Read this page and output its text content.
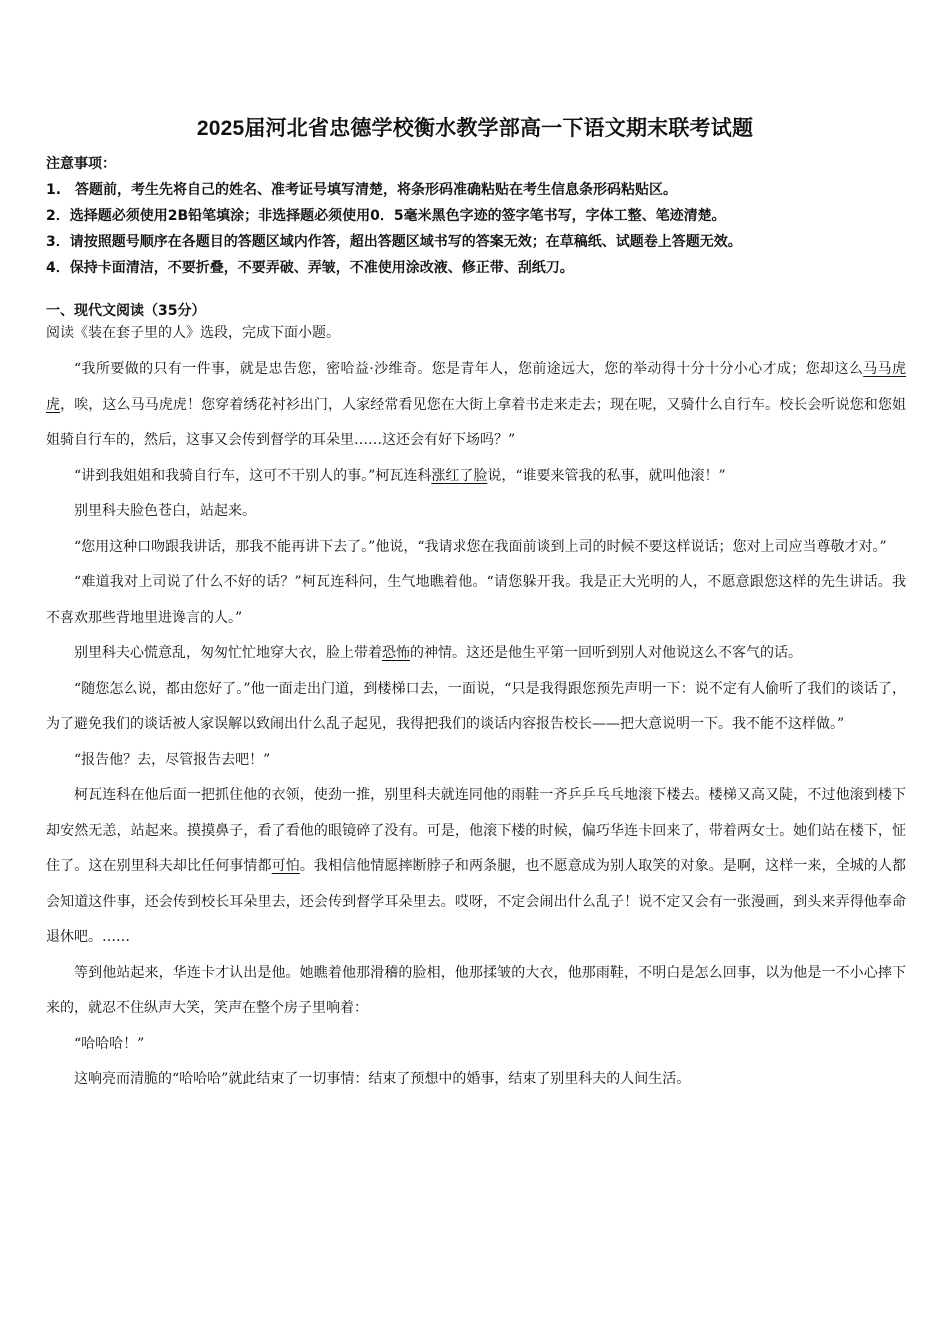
2025届河北省忠德学校衡水教学部高一下语文期末联考试题
注意事项：
1.　答题前，考生先将自己的姓名、准考证号填写清楚，将条形码准确粘贴在考生信息条形码粘贴区。
2．选择题必须使用2B铅笔填涂；非选择题必须使用0．5毫米黑色字迹的签字笔书写，字体工整、笔迹清楚。
3．请按照题号顺序在各题目的答题区域内作答，超出答题区域书写的答案无效；在草稿纸、试题卷上答题无效。
4．保持卡面清洁，不要折叠，不要弄破、弄皱，不准使用涂改液、修正带、刮纸刀。
一、现代文阅读（35分）
阅读《装在套子里的人》选段，完成下面小题。

“我所要做的只有一件事，就是忠告您，密哈益·沙维奇。您是青年人，您前途远大，您的举动得十分十分小心才成；您却这么马马虎虎，唉，这么马马虎虎！您穿着绣花衬衫出门，人家经常看见您在大街上拿着书走来走去；现在呢，又骑什么自行车。校长会听说您和您姐姐骑自行车的，然后，这事又会传到督学的耳朵里……这还会有好下场吗？”

“讲到我姐姐和我骑自行车，这可不干别人的事。”柯瓦连科涨红了脸说，“谁要来管我的私事，就叫他滚！”

别里科夫脸色苍白，站起来。

“您用这种口吻跟我讲话，那我不能再讲下去了。”他说，“我请求您在我面前谈到上司的时候不要这样说话；您对上司应当尊敬才对。”

“难道我对上司说了什么不好的话？”柯瓦连科问，生气地瞧着他。“请您躲开我。我是正大光明的人，不愿意跟您这样的先生讲话。我不喜欢那些背地里进谗言的人。”

别里科夫心慌意乱，匆匆忙忙地穿大衣，脸上带着恐怖的神情。这还是他生平第一回听到别人对他说这么不客气的话。

“随您怎么说，都由您好了。”他一面走出门道，到楼梯口去，一面说，“只是我得跟您预先声明一下：说不定有人偷听了我们的谈话了，为了避免我们的谈话被人家误解以致闹出什么乱子起见，我得把我们的谈话内容报告校长——把大意说明一下。我不能不这样做。”

“报告他？去，尽管报告去吧！”

柯瓦连科在他后面一把抓住他的衣领，使劲一推，别里科夫就连同他的雨鞋一齐乒乒乓乓地滚下楼去。楼梯又高又陡，不过他滚到楼下却安然无恙，站起来。摸摸鼻子，看了看他的眼镜碎了没有。可是，他滚下楼的时候，偏巧华连卡回来了，带着两女士。她们站在楼下，怔住了。这在别里科夫却比任何事情都可怕。我相信他情愿摔断脖子和两条腿，也不愿意成为别人取笑的对象。是啊，这样一来，全城的人都会知道这件事，还会传到校长耳朵里去，还会传到督学耳朵里去。哎呀，不定会闹出什么乱子！说不定又会有一张漫画，到头来弄得他奉命退休吧。……

等到他站起来，华连卡才认出是他。她瞧着他那滑稽的脸相，他那揉皱的大衣，他那雨鞋，不明白是怎么回事，以为他是一不小心摔下来的，就忍不住纵声大笑，笑声在整个房子里响着：

“哈哈哈！”

这响亮而清脆的“哈哈哈”就此结束了一切事情：结束了预想中的婚事，结束了别里科夫的人间生活。
